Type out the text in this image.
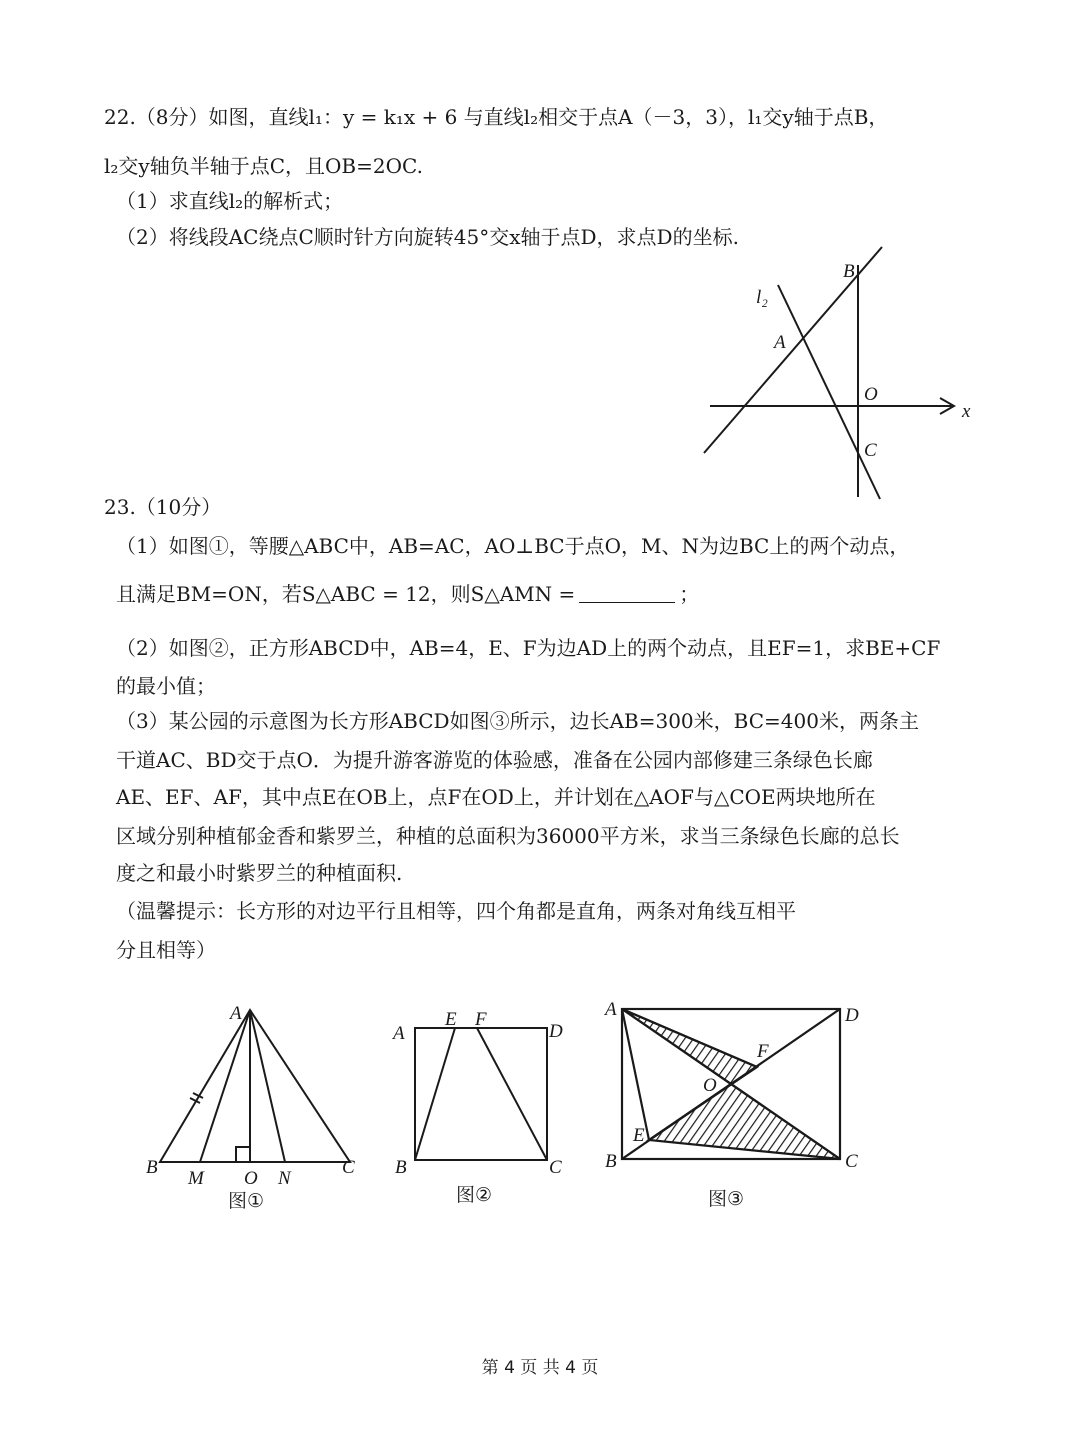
22.（8分）如图，直线l₁：y = k₁x + 6 与直线l₂相交于点A（－3，3），l₁交y轴于点B，
l₂交y轴负半轴于点C，且OB=2OC.
（1）求直线l₂的解析式；
（2）将线段AC绕点C顺时针方向旋转45°交x轴于点D，求点D的坐标.
B
l₂
A
O
x
C
23.（10分）
（1）如图①，等腰△ABC中，AB=AC，AO⊥BC于点O，M、N为边BC上的两个动点，
且满足BM=ON，若S△ABC = 12，则S△AMN =	；
（2）如图②，正方形ABCD中，AB=4，E、F为边AD上的两个动点，且EF=1，求BE+CF
的最小值；
（3）某公园的示意图为长方形ABCD如图③所示，边长AB=300米，BC=400米，两条主
干道AC、BD交于点O．为提升游客游览的体验感，准备在公园内部修建三条绿色长廊
AE、EF、AF，其中点E在OB上，点F在OD上，并计划在△AOF与△COE两块地所在
区域分别种植郁金香和紫罗兰，种植的总面积为36000平方米，求当三条绿色长廊的总长
度之和最小时紫罗兰的种植面积.
（温馨提示：长方形的对边平行且相等，四个角都是直角，两条对角线互相平
分且相等）
A
B
M O N
C
图①
A
E F
D
B	C
图②
A	D
F
O
E
B	C
图③
第 4 页 共 4 页
